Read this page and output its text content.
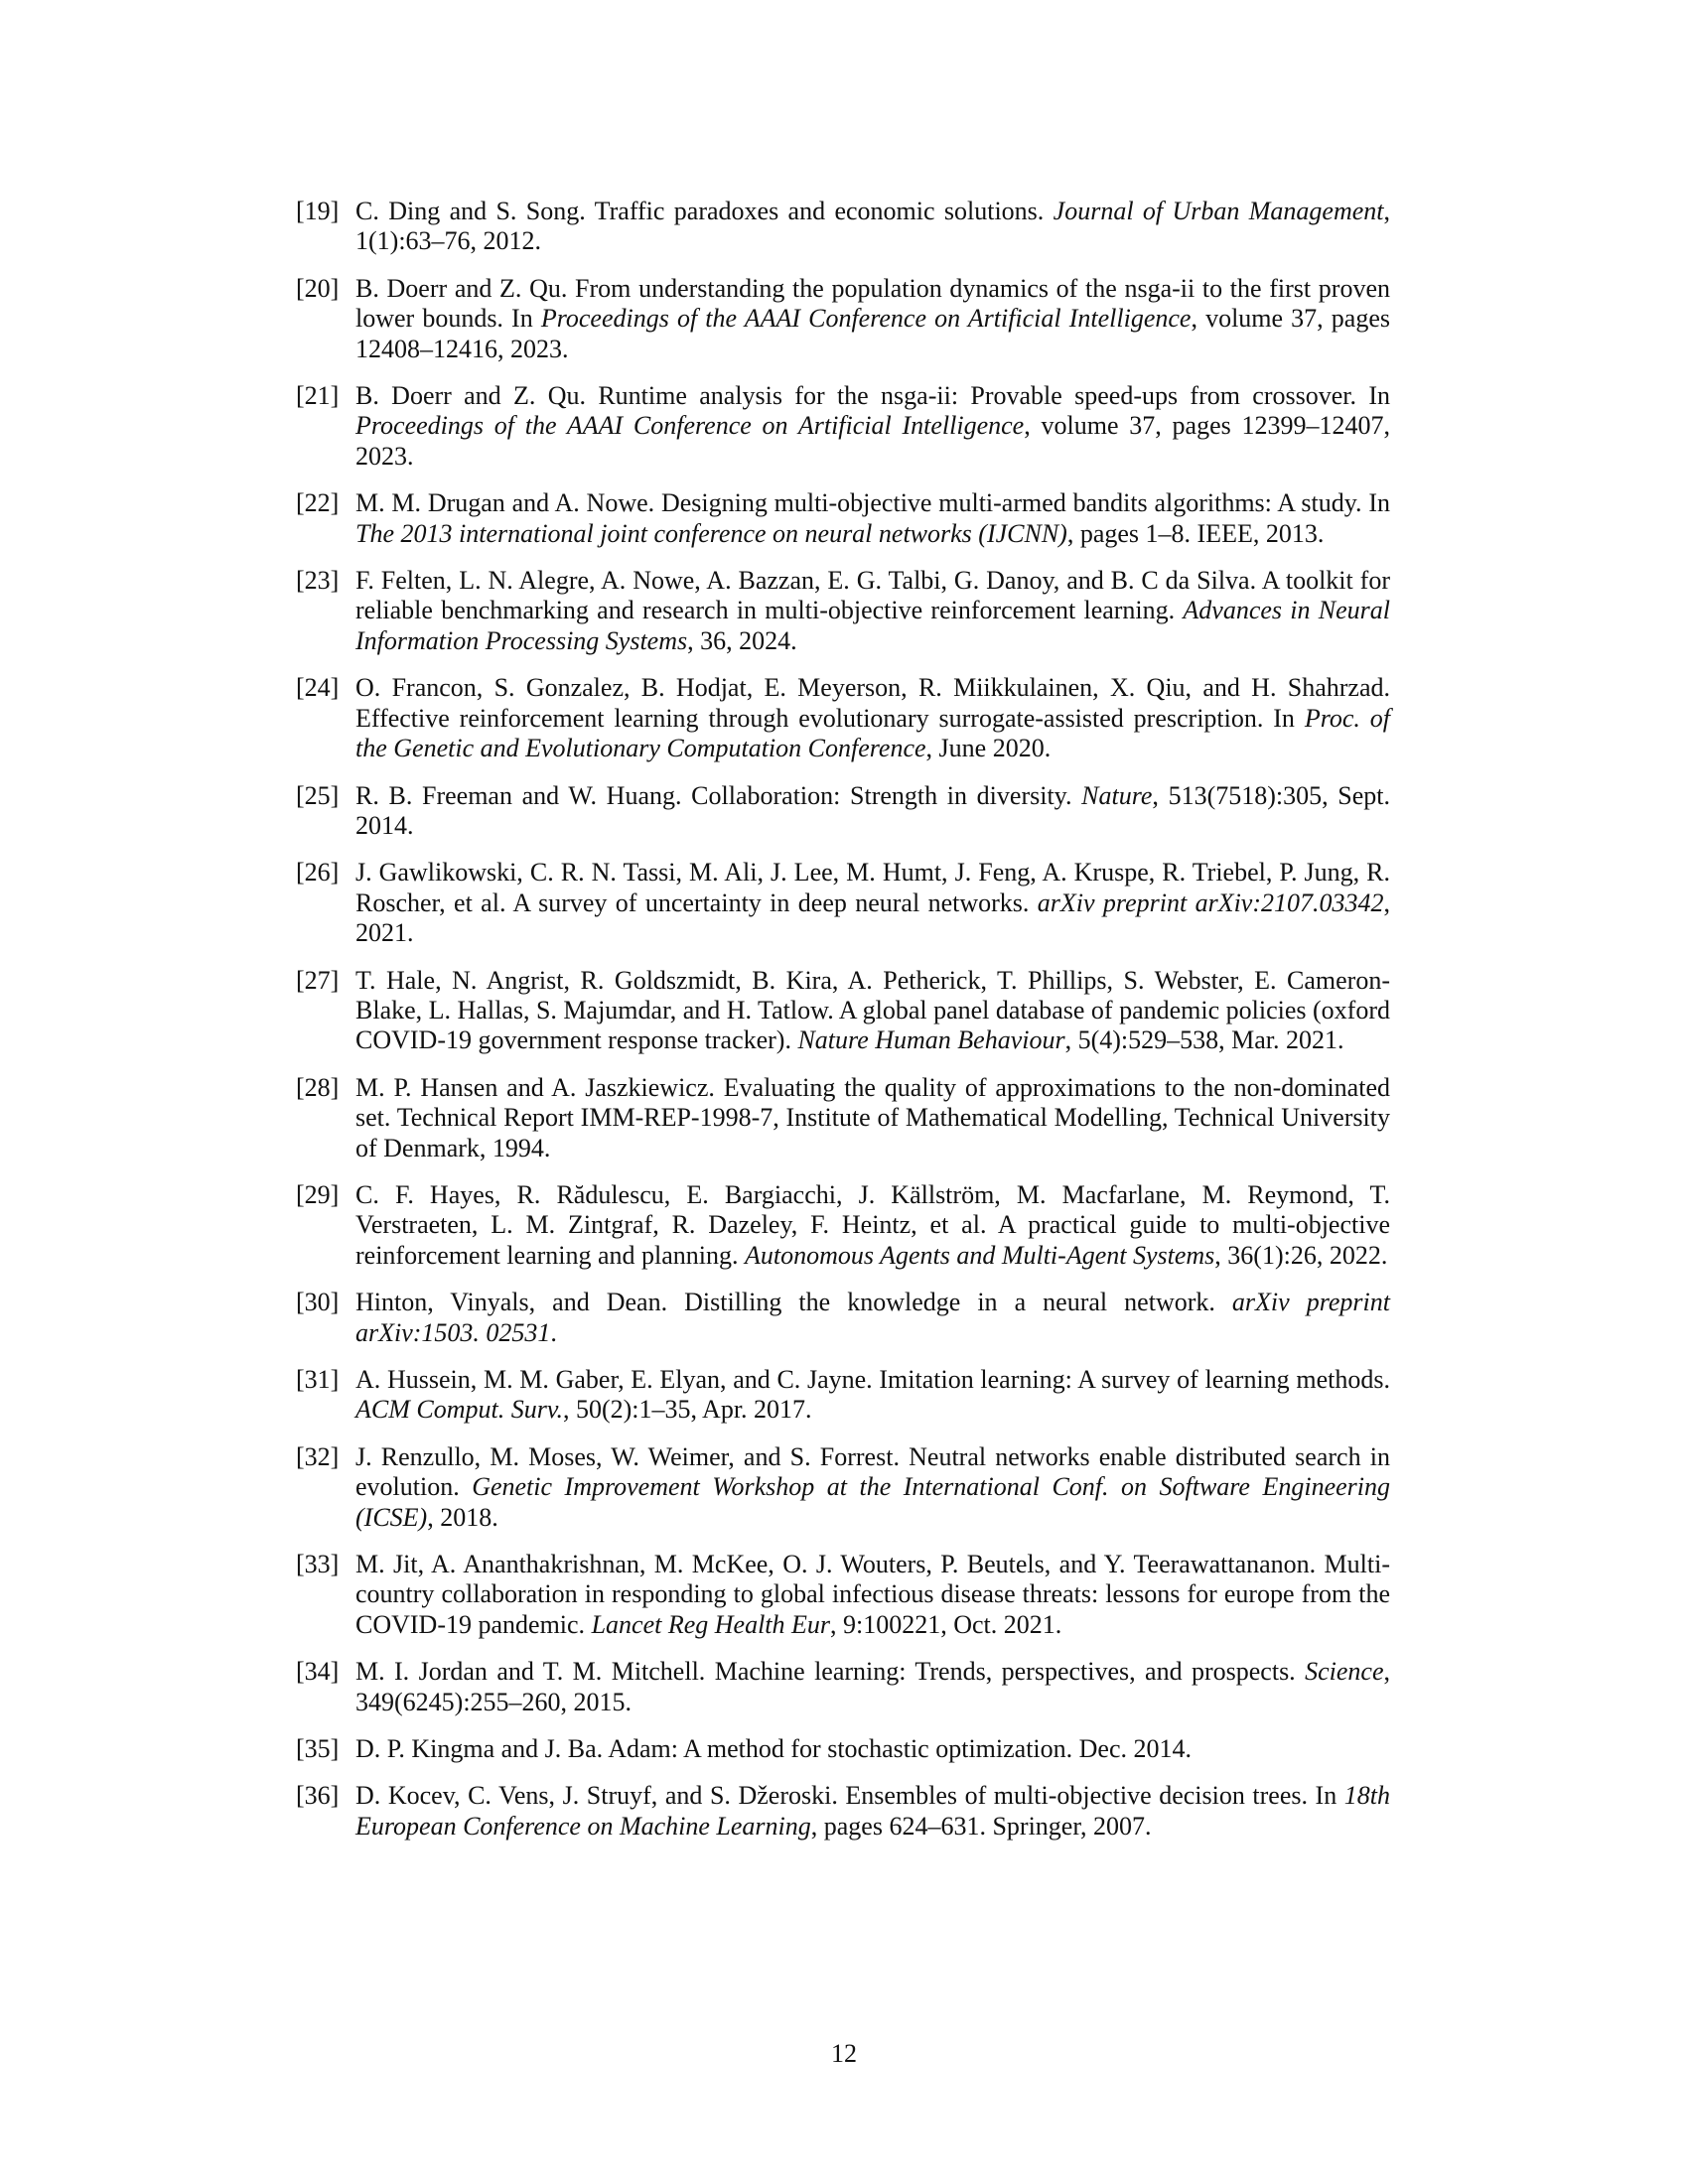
[19] C. Ding and S. Song. Traffic paradoxes and economic solutions. Journal of Urban Management, 1(1):63–76, 2012.
[20] B. Doerr and Z. Qu. From understanding the population dynamics of the nsga-ii to the first proven lower bounds. In Proceedings of the AAAI Conference on Artificial Intelligence, volume 37, pages 12408–12416, 2023.
[21] B. Doerr and Z. Qu. Runtime analysis for the nsga-ii: Provable speed-ups from crossover. In Proceedings of the AAAI Conference on Artificial Intelligence, volume 37, pages 12399–12407, 2023.
[22] M. M. Drugan and A. Nowe. Designing multi-objective multi-armed bandits algorithms: A study. In The 2013 international joint conference on neural networks (IJCNN), pages 1–8. IEEE, 2013.
[23] F. Felten, L. N. Alegre, A. Nowe, A. Bazzan, E. G. Talbi, G. Danoy, and B. C da Silva. A toolkit for reliable benchmarking and research in multi-objective reinforcement learning. Advances in Neural Information Processing Systems, 36, 2024.
[24] O. Francon, S. Gonzalez, B. Hodjat, E. Meyerson, R. Miikkulainen, X. Qiu, and H. Shahrzad. Effective reinforcement learning through evolutionary surrogate-assisted prescription. In Proc. of the Genetic and Evolutionary Computation Conference, June 2020.
[25] R. B. Freeman and W. Huang. Collaboration: Strength in diversity. Nature, 513(7518):305, Sept. 2014.
[26] J. Gawlikowski, C. R. N. Tassi, M. Ali, J. Lee, M. Humt, J. Feng, A. Kruspe, R. Triebel, P. Jung, R. Roscher, et al. A survey of uncertainty in deep neural networks. arXiv preprint arXiv:2107.03342, 2021.
[27] T. Hale, N. Angrist, R. Goldszmidt, B. Kira, A. Petherick, T. Phillips, S. Webster, E. Cameron-Blake, L. Hallas, S. Majumdar, and H. Tatlow. A global panel database of pandemic policies (oxford COVID-19 government response tracker). Nature Human Behaviour, 5(4):529–538, Mar. 2021.
[28] M. P. Hansen and A. Jaszkiewicz. Evaluating the quality of approximations to the non-dominated set. Technical Report IMM-REP-1998-7, Institute of Mathematical Modelling, Technical University of Denmark, 1994.
[29] C. F. Hayes, R. Rădulescu, E. Bargiacchi, J. Källström, M. Macfarlane, M. Reymond, T. Verstraeten, L. M. Zintgraf, R. Dazeley, F. Heintz, et al. A practical guide to multi-objective reinforcement learning and planning. Autonomous Agents and Multi-Agent Systems, 36(1):26, 2022.
[30] Hinton, Vinyals, and Dean. Distilling the knowledge in a neural network. arXiv preprint arXiv:1503. 02531.
[31] A. Hussein, M. M. Gaber, E. Elyan, and C. Jayne. Imitation learning: A survey of learning methods. ACM Comput. Surv., 50(2):1–35, Apr. 2017.
[32] J. Renzullo, M. Moses, W. Weimer, and S. Forrest. Neutral networks enable distributed search in evolution. Genetic Improvement Workshop at the International Conf. on Software Engineering (ICSE), 2018.
[33] M. Jit, A. Ananthakrishnan, M. McKee, O. J. Wouters, P. Beutels, and Y. Teerawattananon. Multi-country collaboration in responding to global infectious disease threats: lessons for europe from the COVID-19 pandemic. Lancet Reg Health Eur, 9:100221, Oct. 2021.
[34] M. I. Jordan and T. M. Mitchell. Machine learning: Trends, perspectives, and prospects. Science, 349(6245):255–260, 2015.
[35] D. P. Kingma and J. Ba. Adam: A method for stochastic optimization. Dec. 2014.
[36] D. Kocev, C. Vens, J. Struyf, and S. Džeroski. Ensembles of multi-objective decision trees. In 18th European Conference on Machine Learning, pages 624–631. Springer, 2007.
12
